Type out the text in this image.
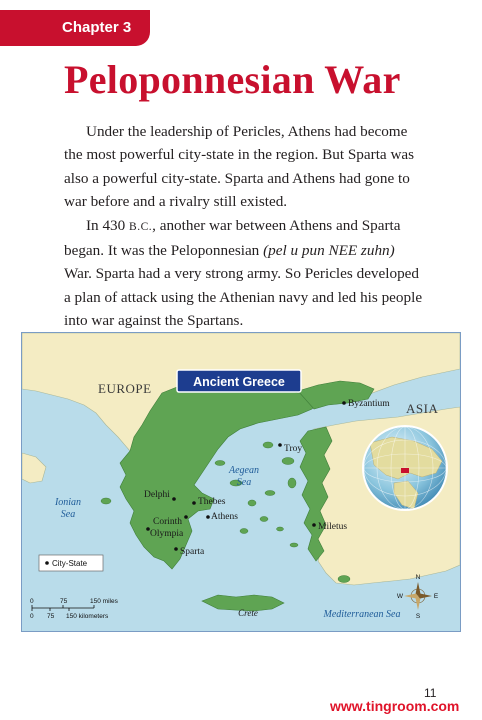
Chapter 3
Peloponnesian War

Under the leadership of Pericles, Athens had become the most powerful city-state in the region. But Sparta was also a powerful city-state. Sparta and Athens had gone to war before and a rivalry still existed.

In 430 B.C., another war between Athens and Sparta began. It was the Peloponnesian (pel u pun NEE zuhn) War. Sparta had a very strong army. So Pericles developed a plan of attack using the Athenian navy and led his people into war against the Spartans.

Ancient Greece
EUROPE
ASIA
Ionian
Sea
Aegean
Sea
Mediterranean Sea
Crete
Byzantium
Troy
Delphi
Thebes
Athens
Corinth
Olympia
Sparta
Miletus
City-State
0	75	150 miles
0 75 150 kilometers
N
S
W	E
11
www.tingroom.com
